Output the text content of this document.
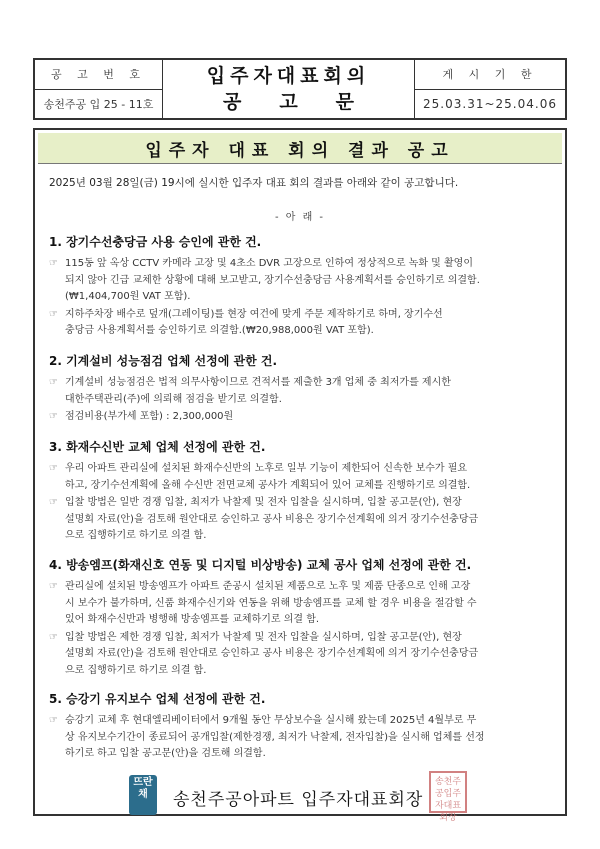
공 고 번 호
송천주공 입 25 - 11호
입주자대표회의
공고문
게 시 기 한
25.03.31~25.04.06
입주자 대표 회의 결과 공고
2025년 03월 28일(금) 19시에 실시한 입주자 대표 회의 결과를 아래와 같이 공고합니다.
- 아 래 -
1. 장기수선충당금 사용 승인에 관한 건.
☞ 115동 앞 옥상 CCTV 카메라 고장 및 4초소 DVR 고장으로 인하여 정상적으로 녹화 및 촬영이

되지 않아 긴급 교체한 상황에 대해 보고받고, 장기수선충당금 사용계획서를 승인하기로 의결함.

(₩1,404,700원 VAT 포함).

☞ 지하주차장 배수로 덮개(그레이팅)를 현장 여건에 맞게 주문 제작하기로 하며, 장기수선

충당금 사용계획서를 승인하기로 의결함.(₩20,988,000원 VAT 포함).

2. 기계설비 성능점검 업체 선정에 관한 건.
☞ 기계설비 성능점검은 법적 의무사항이므로 견적서를 제출한 3개 업체 중 최저가를 제시한

대한주택관리(주)에 의뢰해 점검을 받기로 의결함.

☞ 점검비용(부가세 포함) : 2,300,000원

3. 화재수신반 교체 업체 선정에 관한 건.
☞ 우리 아파트 관리실에 설치된 화재수신반의 노후로 일부 기능이 제한되어 신속한 보수가 필요

하고, 장기수선계획에 올해 수신반 전면교체 공사가 계획되어 있어 교체를 진행하기로 의결함.

☞ 입찰 방법은 일반 경쟁 입찰, 최저가 낙찰제 및 전자 입찰을 실시하며, 입찰 공고문(안), 현장

설명회 자료(안)을 검토해 원안대로 승인하고 공사 비용은 장기수선계획에 의거 장기수선충당금

으로 집행하기로 하기로 의결 함.

4. 방송엠프(화재신호 연동 및 디지털 비상방송) 교체 공사 업체 선정에 관한 건.
☞ 관리실에 설치된 방송엠프가 아파트 준공시 설치된 제품으로 노후 및 제품 단종으로 인해 고장

시 보수가 불가하며, 신품 화재수신기와 연동을 위해 방송엠프를 교체 할 경우 비용을 절감할 수

있어 화재수신반과 병행해 방송엠프를 교체하기로 의결 함.

☞ 입찰 방법은 제한 경쟁 입찰, 최저가 낙찰제 및 전자 입찰을 실시하며, 입찰 공고문(안), 현장

설명회 자료(안)을 검토해 원안대로 승인하고 공사 비용은 장기수선계획에 의거 장기수선충당금

으로 집행하기로 하기로 의결 함.

5. 승강기 유지보수 업체 선정에 관한 건.
☞ 승강기 교체 후 현대엘리베이터에서 9개월 동안 무상보수을 실시해 왔는데 2025년 4월부로 무

상 유지보수기간이 종료되어 공개입찰(제한경쟁, 최저가 낙찰제, 전자입찰)을 실시해 업체를 선정

하기로 하고 입찰 공고문(안)을 검토해 의결함.

뜨란채	송천주공아파트 입주자대표회장
송천주공입주자대표회장
